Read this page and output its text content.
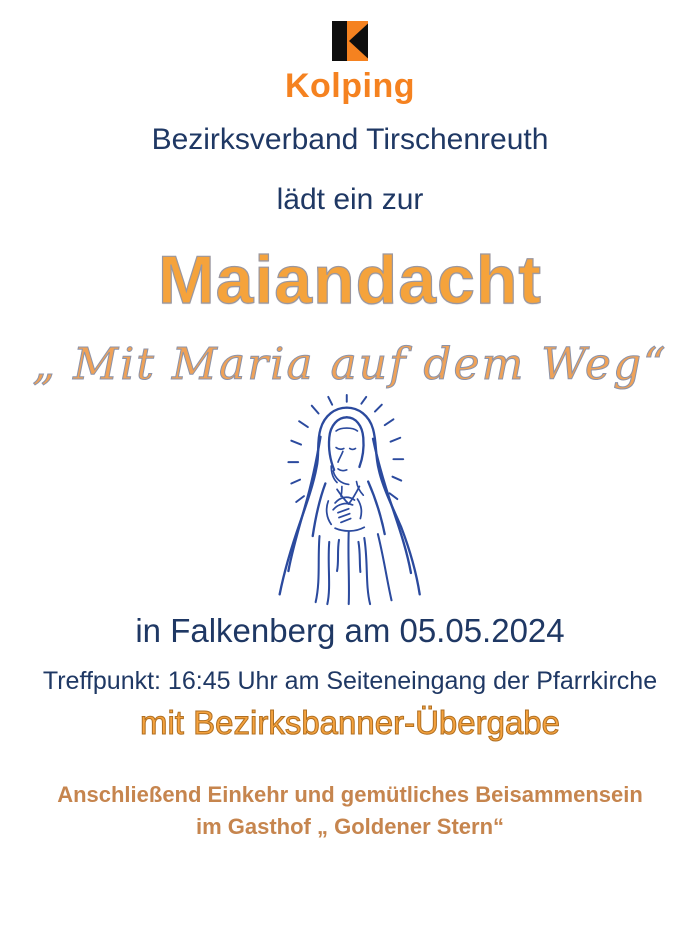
Kolping
Bezirksverband Tirschenreuth
lädt ein zur
Maiandacht
„ Mit Maria auf dem Weg“
in Falkenberg am 05.05.2024
Treffpunkt: 16:45 Uhr am Seiteneingang der Pfarrkirche
mit Bezirksbanner-Übergabe
Anschließend Einkehr und gemütliches Beisammensein
im Gasthof „ Goldener Stern“
